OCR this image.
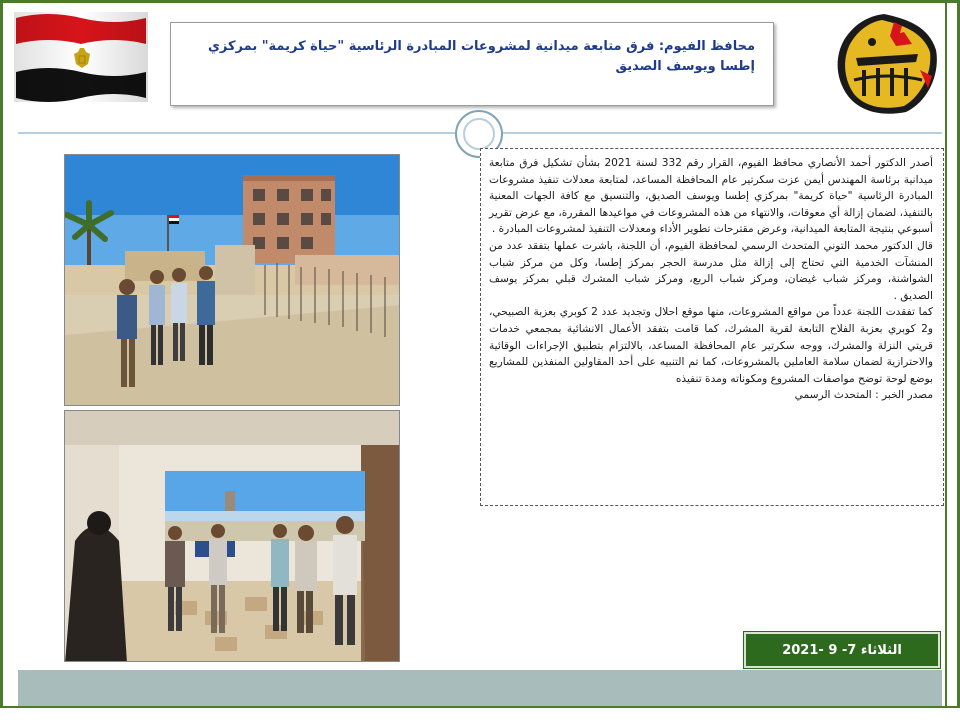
محافظ الفيوم: فرق متابعة ميدانية لمشروعات المبادرة الرئاسية "حياة كريمة" بمركزي إطسا ويوسف الصديق

أصدر الدكتور أحمد الأنصاري محافظ الفيوم، القرار رقم 332 لسنة 2021 بشأن تشكيل فرق متابعة ميدانية برئاسة المهندس أيمن عزت سكرتير عام المحافظة المساعد، لمتابعة معدلات تنفيذ مشروعات المبادرة الرئاسية "حياة كريمة" بمركزي إطسا ويوسف الصديق، والتنسيق مع كافة الجهات المعنية بالتنفيذ، لضمان إزالة أي معوقات، والانتهاء من هذه المشروعات في مواعيدها المقررة، مع عرض تقرير أسبوعي بنتيجة المتابعة الميدانية، وعرض مقترحات تطوير الأداء ومعدلات التنفيذ لمشروعات المبادرة .

قال الدكتور محمد التوني المتحدث الرسمي لمحافظة الفيوم، أن اللجنة، باشرت عملها بتفقد عدد من المنشآت الخدمية التي تحتاج إلى إزالة مثل مدرسة الحجر بمركز إطسا، وكل من مركز شباب الشواشنة، ومركز شباب غيضان، ومركز شباب الربع، ومركز شباب المشرك قبلي بمركز يوسف الصديق .

كما تفقدت اللجنة عدداً من مواقع المشروعات، منها موقع احلال وتجديد عدد 2 كوبري بعزبة الصبيحي، و2 كوبري بعزبة الفلاح التابعة لقرية المشرك، كما قامت بتفقد الأعمال الانشائية بمجمعي خدمات قريتي النزلة والمشرك، ووجه سكرتير عام المحافظة المساعد، بالالتزام بتطبيق الإجراءات الوقائية والاحترازية لضمان سلامة العاملين بالمشروعات، كما تم التنبيه على أحد المقاولين المنفذين للمشاريع بوضع لوحة توضح مواصفات المشروع ومكوناته ومدة تنفيذه

مصدر الخبر : المتحدث الرسمي

الثلاثاء 7- 9 -2021
